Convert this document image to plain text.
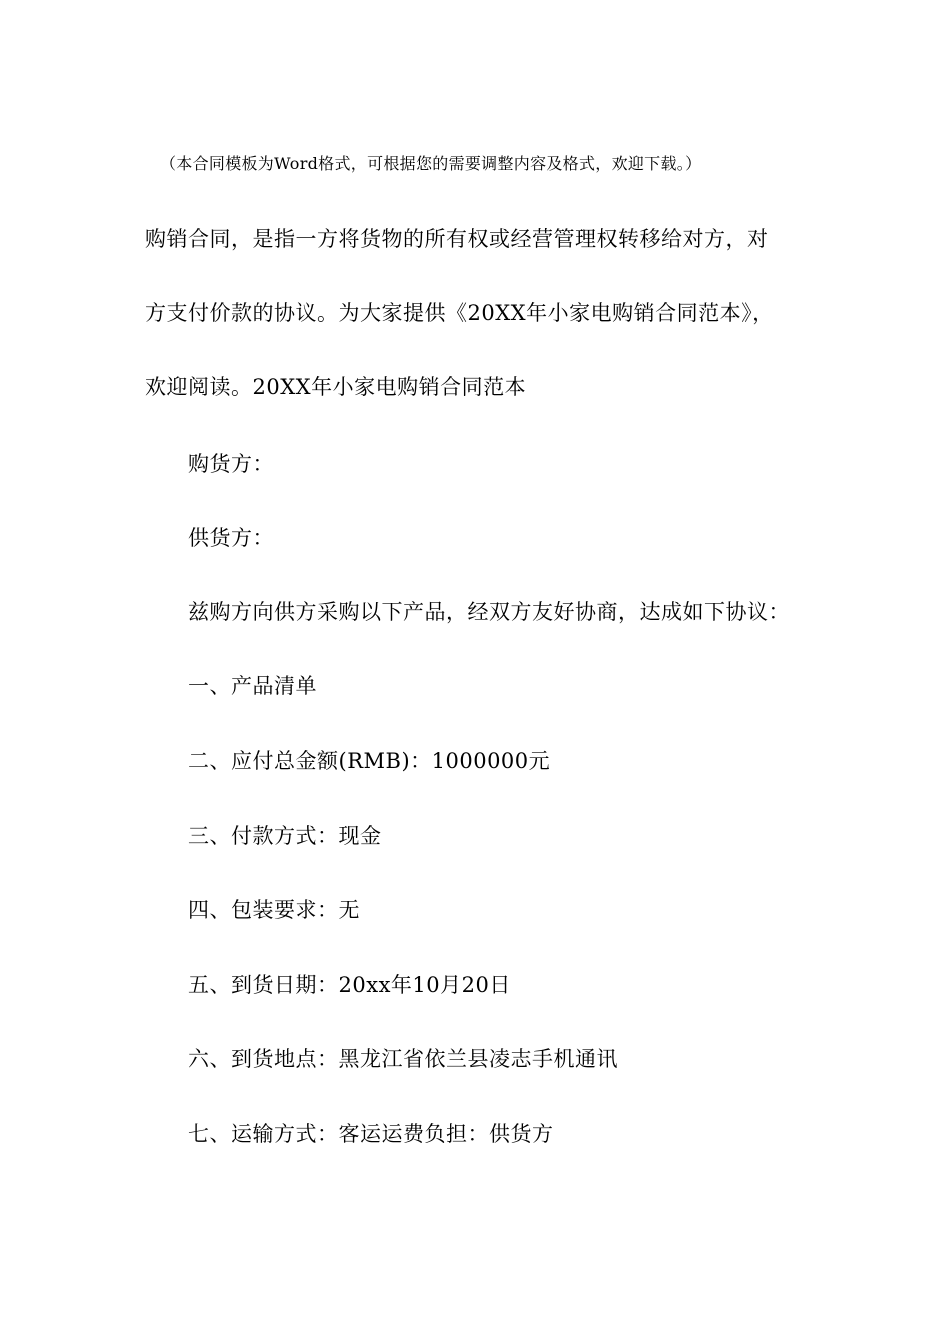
（本合同模板为Word格式，可根据您的需要调整内容及格式，欢迎下载。）
购销合同，是指一方将货物的所有权或经营管理权转移给对方，对
方支付价款的协议。为大家提供《20XX年小家电购销合同范本》，
欢迎阅读。20XX年小家电购销合同范本
购货方：
供货方：
兹购方向供方采购以下产品，经双方友好协商，达成如下协议：
一、产品清单
二、应付总金额(RMB)：1000000元
三、付款方式：现金
四、包装要求：无
五、到货日期：20xx年10月20日
六、到货地点：黑龙江省依兰县凌志手机通讯
七、运输方式：客运运费负担：供货方
